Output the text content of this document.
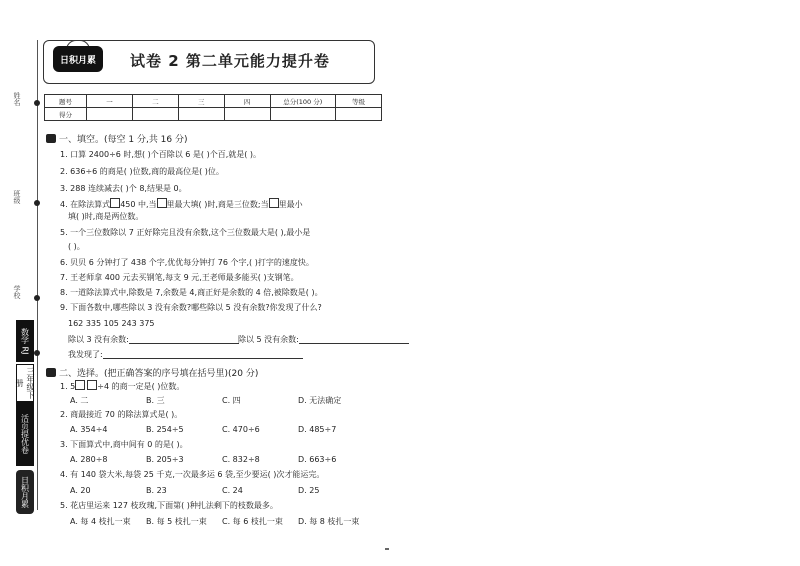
姓名
班级
学校
数学 RJ
三年级下册
活页提优卷
日积月累
日积月累	试卷 2 第二单元能力提升卷
题号	一	二	三	四	总分(100 分)	等级
得分						
一、填空。(每空 1 分,共 16 分)
1. 口算 2400÷6 时,想( )个百除以 6 是( )个百,就是( )。
2. 636÷6 的商是( )位数,商的最高位是( )位。
3. 288 连续减去( )个 8,结果是 0。
4. 在除法算式 450 中,当 里最大填( )时,商是三位数;当 里最小
填( )时,商是两位数。
5. 一个三位数除以 7 正好除完且没有余数,这个三位数最大是( ),最小是
( )。
6. 贝贝 6 分钟打了 438 个字,优优每分钟打 76 个字,( )打字的速度快。
7. 王老师拿 400 元去买钢笔,每支 9 元,王老师最多能买( )支钢笔。
8. 一道除法算式中,除数是 7,余数是 4,商正好是余数的 4 倍,被除数是( )。
9. 下面各数中,哪些除以 3 没有余数?哪些除以 5 没有余数?你发现了什么?
162 335 105 243 375
除以 3 没有余数:	除以 5 没有余数:
我发现了:
二、选择。(把正确答案的序号填在括号里)(20 分)
1. 5	÷4 的商一定是( )位数。
A. 二	B. 三	C. 四	D. 无法确定
2. 商最接近 70 的除法算式是( )。
A. 354÷4	B. 254÷5	C. 470÷6	D. 485÷7
3. 下面算式中,商中间有 0 的是( )。
A. 280÷8	B. 205÷3	C. 832÷8	D. 663÷6
4. 有 140 袋大米,每袋 25 千克,一次最多运 6 袋,至少要运( )次才能运完。
A. 20	B. 23	C. 24	D. 25
5. 花店里运来 127 枝玫瑰,下面第( )种扎法剩下的枝数最多。
A. 每 4 枝扎一束 B. 每 5 枝扎一束 C. 每 6 枝扎一束 D. 每 8 枝扎一束
